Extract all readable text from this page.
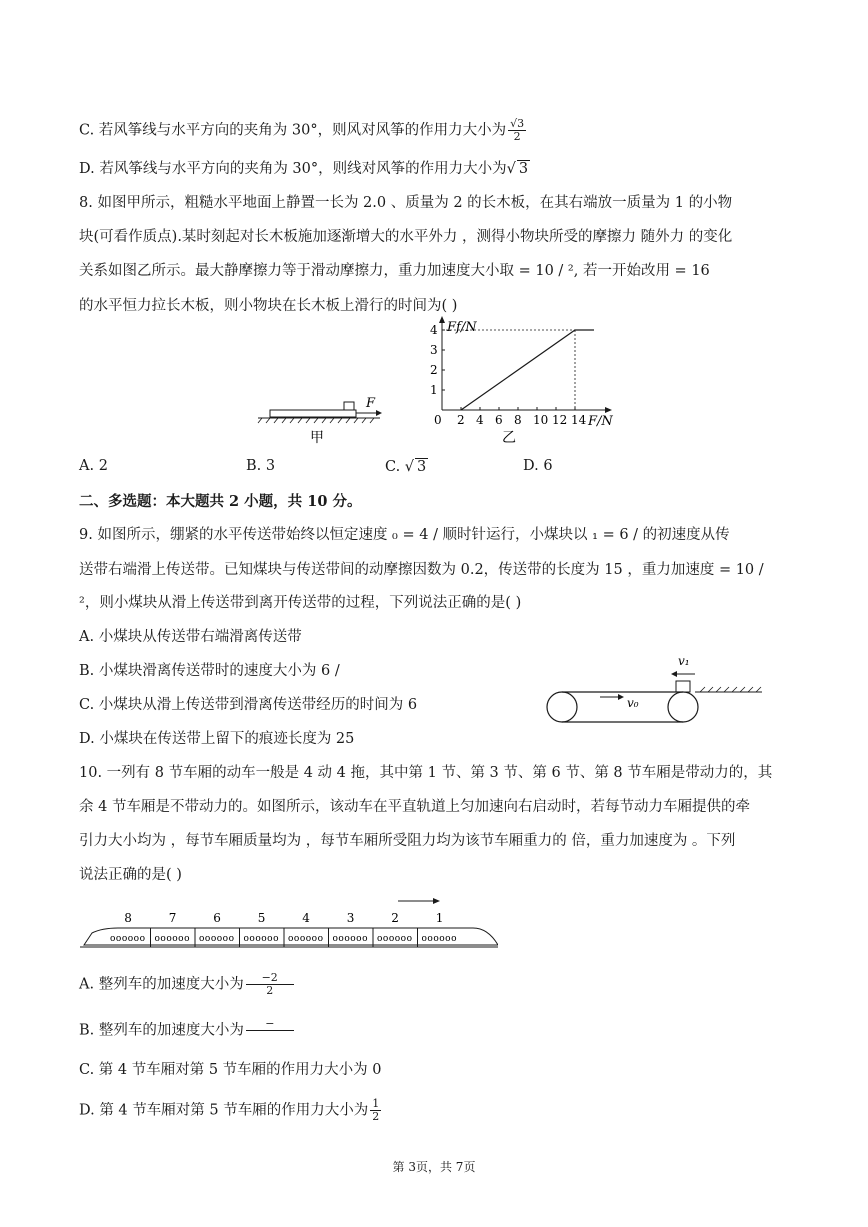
C. 若风筝线与水平方向的夹角为 30°，则风对风筝的作用力大小为 $\frac{√3}{2}$
D. 若风筝线与水平方向的夹角为 30°，则线对风筝的作用力大小为√ 3
8. 如图甲所示，粗糙水平地面上静置一长为 2.0 、质量为 2 的长木板，在其右端放一质量为 1 的小物
块(可看作质点).某时刻起对长木板施加逐渐增大的水平外力 ，测得小物块所受的摩擦力 随外力 的变化
关系如图乙所示。最大静摩擦力等于滑动摩擦力，重力加速度大小取 = 10 / ², 若一开始改用 = 16
的水平恒力拉长木板，则小物块在长木板上滑行的时间为( )
F
甲
Ff/N
F/N
乙
0 2 4 6 8 10 12 14
1
2
3
4
A. 2	B. 3	C. √ 3	D. 6
二、多选题：本大题共 2 小题，共 10 分。
9. 如图所示，绷紧的水平传送带始终以恒定速度 ₀ = 4 / 顺时针运行，小煤块以 ₁ = 6 / 的初速度从传
送带右端滑上传送带。已知煤块与传送带间的动摩擦因数为 0.2，传送带的长度为 15 ，重力加速度 = 10 /
²，则小煤块从滑上传送带到离开传送带的过程，下列说法正确的是( )
A. 小煤块从传送带右端滑离传送带
B. 小煤块滑离传送带时的速度大小为 6 /
C. 小煤块从滑上传送带到滑离传送带经历的时间为 6
D. 小煤块在传送带上留下的痕迹长度为 25
v₀
v₁
10. 一列有 8 节车厢的动车一般是 4 动 4 拖，其中第 1 节、第 3 节、第 6 节、第 8 节车厢是带动力的，其
余 4 节车厢是不带动力的。如图所示，该动车在平直轨道上匀加速向右启动时，若每节动力车厢提供的牵
引力大小均为 ，每节车厢质量均为 ，每节车厢所受阻力均为该节车厢重力的 倍，重力加速度为 。下列
说法正确的是( )
8	7	6	5	4	3	2	1
oooooo oooooo oooooo oooooo oooooo oooooo oooooo oooooo
A. 整列车的加速度大小为 $\frac{-2}{2}$
B. 整列车的加速度大小为	−

C. 第 4 节车厢对第 5 节车厢的作用力大小为 0
D. 第 4 节车厢对第 5 节车厢的作用力大小为 $\frac{1}{2}$
第 3页，共 7页
